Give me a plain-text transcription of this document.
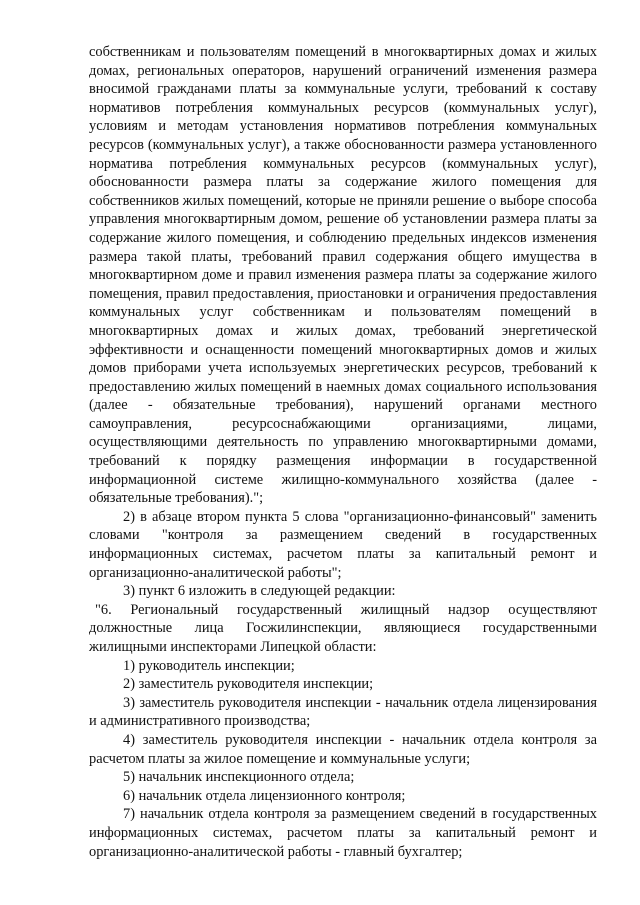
собственникам и пользователям помещений в многоквартирных домах и жилых домах, региональных операторов, нарушений ограничений изменения размера вносимой гражданами платы за коммунальные услуги, требований к составу нормативов потребления коммунальных ресурсов (коммунальных услуг), условиям и методам установления нормативов потребления коммунальных ресурсов (коммунальных услуг), а также обоснованности размера установленного норматива потребления коммунальных ресурсов (коммунальных услуг), обоснованности размера платы за содержание жилого помещения для собственников жилых помещений, которые не приняли решение о выборе способа управления многоквартирным домом, решение об установлении размера платы за содержание жилого помещения, и соблюдению предельных индексов изменения размера такой платы, требований правил содержания общего имущества в многоквартирном доме и правил изменения размера платы за содержание жилого помещения, правил предоставления, приостановки и ограничения предоставления коммунальных услуг собственникам и пользователям помещений в многоквартирных домах и жилых домах, требований энергетической эффективности и оснащенности помещений многоквартирных домов и жилых домов приборами учета используемых энергетических ресурсов, требований к предоставлению жилых помещений в наемных домах социального использования (далее - обязательные требования), нарушений органами местного самоуправления, ресурсоснабжающими организациями, лицами, осуществляющими деятельность по управлению многоквартирными домами, требований к порядку размещения информации в государственной информационной системе жилищно-коммунального хозяйства (далее - обязательные требования).";

2) в абзаце втором пункта 5 слова "организационно-финансовый" заменить словами "контроля за размещением сведений в государственных информационных системах, расчетом платы за капитальный ремонт и организационно-аналитической работы";

3) пункт 6 изложить в следующей редакции:

"6. Региональный государственный жилищный надзор осуществляют должностные лица Госжилинспекции, являющиеся государственными жилищными инспекторами Липецкой области:

1) руководитель инспекции;

2) заместитель руководителя инспекции;

3) заместитель руководителя инспекции - начальник отдела лицензирования и административного производства;

4) заместитель руководителя инспекции - начальник отдела контроля за расчетом платы за жилое помещение и коммунальные услуги;

5) начальник инспекционного отдела;

6) начальник отдела лицензионного контроля;

7) начальник отдела контроля за размещением сведений в государственных информационных системах, расчетом платы за капитальный ремонт и организационно-аналитической работы - главный бухгалтер;
